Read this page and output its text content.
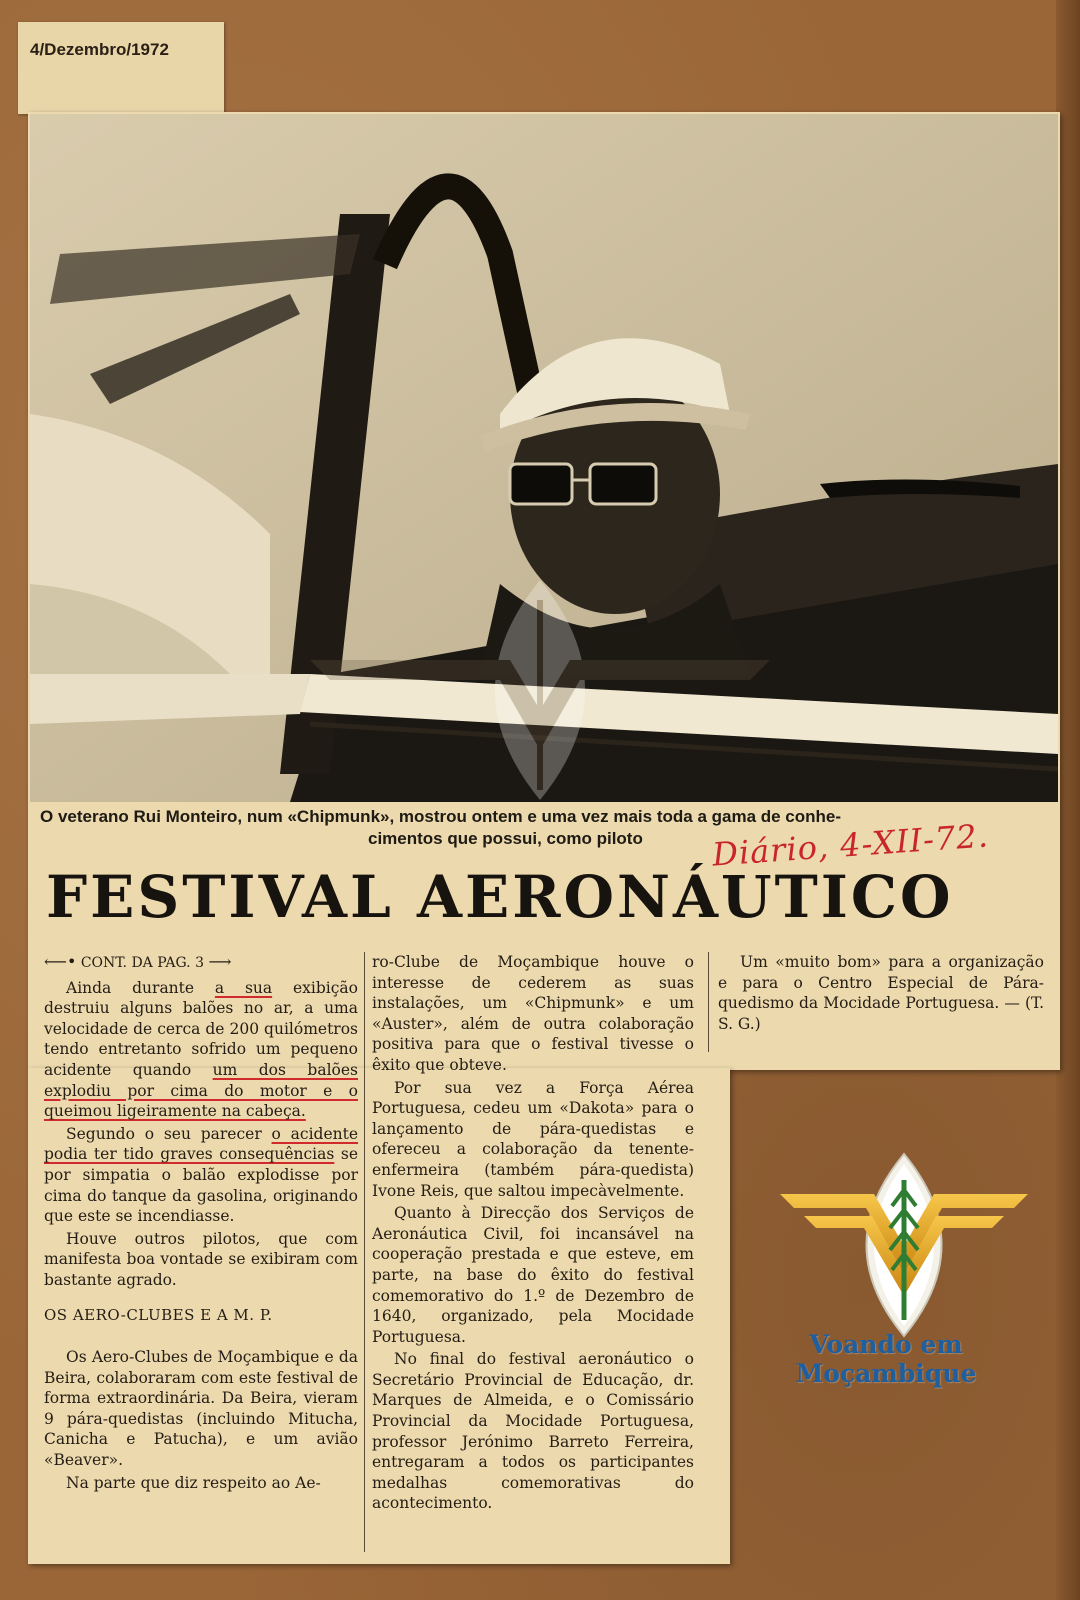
4/Dezembro/1972
O veterano Rui Monteiro, num «Chipmunk», mostrou ontem e uma vez mais toda a gama de conhe-
cimentos que possui, como piloto	Diário, 4-XII-72.
FESTIVAL AERONÁUTICO
⟵• CONT. DA PAG. 3 ⟶

Ainda durante a sua exibição destruiu alguns balões no ar, a uma velocidade de cerca de 200 quilómetros tendo entretanto sofrido um pequeno acidente quando um dos balões explodiu por cima do motor e o queimou ligeiramente na cabeça.

Segundo o seu parecer o acidente podia ter tido graves consequências se por simpatia o balão explodisse por cima do tanque da gasolina, originando que este se incendiasse.

Houve outros pilotos, que com manifesta boa vontade se exibiram com bastante agrado.

OS AERO-CLUBES E A M. P.

Os Aero-Clubes de Moçambique e da Beira, colaboraram com este festival de forma extraordinária. Da Beira, vieram 9 pára-quedistas (incluindo Mitucha, Canicha e Patucha), e um avião «Beaver».

Na parte que diz respeito ao Ae-

ro-Clube de Moçambique houve o interesse de cederem as suas instalações, um «Chipmunk» e um «Auster», além de outra colaboração positiva para que o festival tivesse o êxito que obteve.

Por sua vez a Força Aérea Portuguesa, cedeu um «Dakota» para o lançamento de pára-quedistas e ofereceu a colaboração da tenente-enfermeira (também pára-quedista) Ivone Reis, que saltou impecàvelmente.

Quanto à Direcção dos Serviços de Aeronáutica Civil, foi incansável na cooperação prestada e que esteve, em parte, na base do êxito do festival comemorativo do 1.º de Dezembro de 1640, organizado, pela Mocidade Portuguesa.

No final do festival aeronáutico o Secretário Provincial de Educação, dr. Marques de Almeida, e o Comissário Provincial da Mocidade Portuguesa, professor Jerónimo Barreto Ferreira, entregaram a todos os participantes medalhas comemorativas do acontecimento.

Um «muito bom» para a organização e para o Centro Especial de Pára-quedismo da Mocidade Portuguesa. — (T. S. G.)

Voando em Moçambique
